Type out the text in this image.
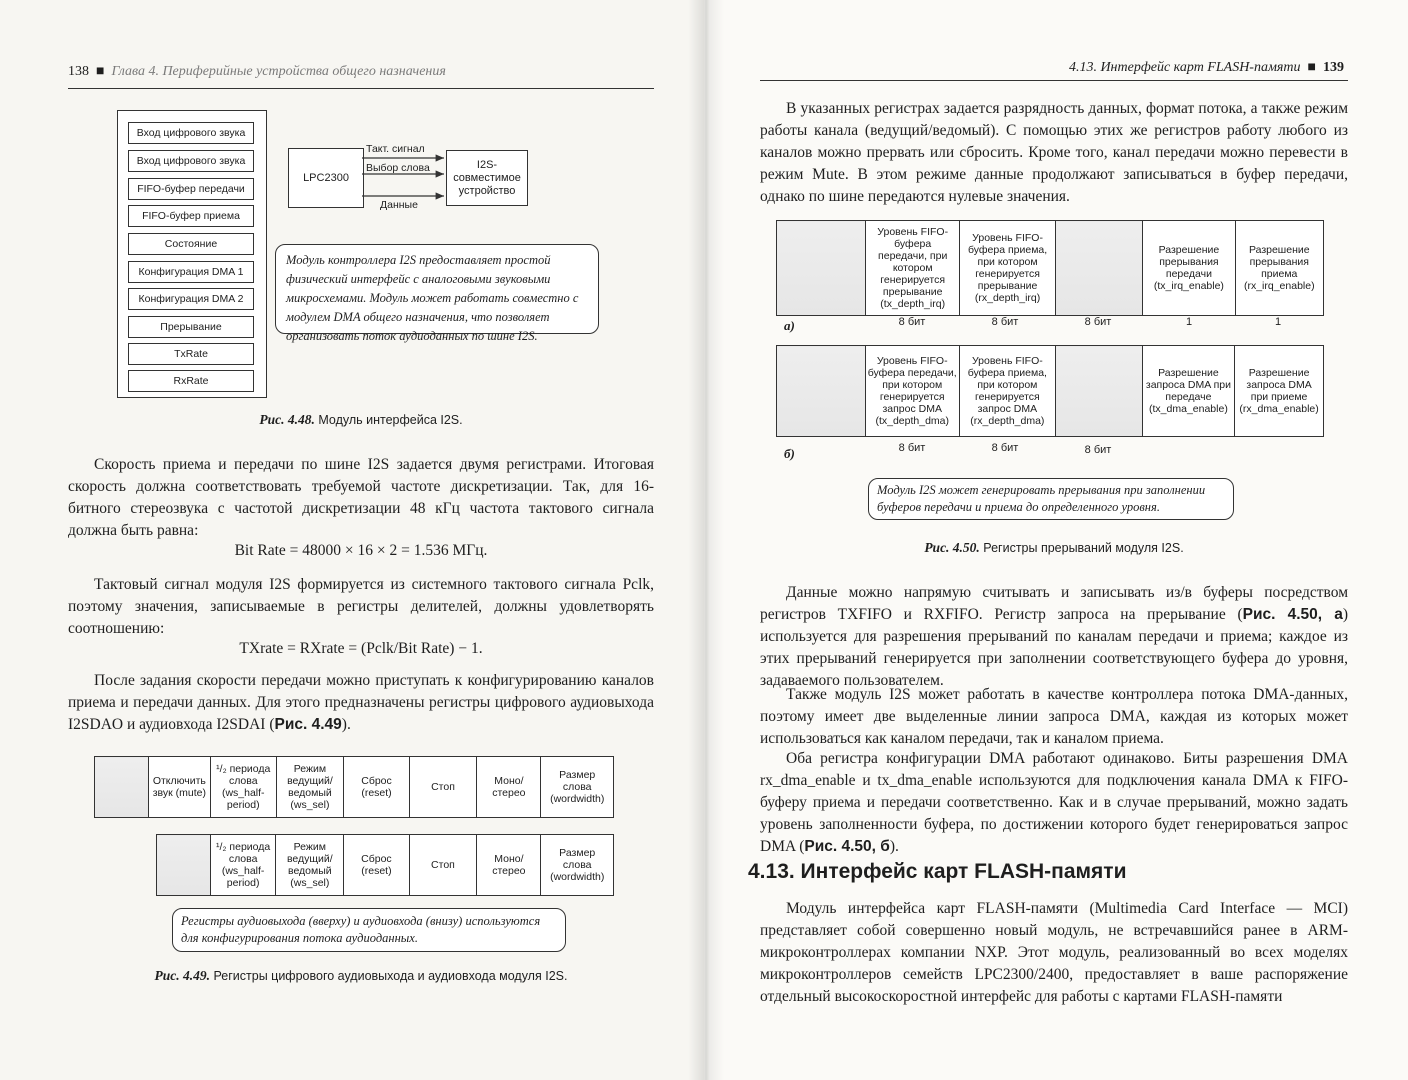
138  ■  Глава 4. Периферийные устройства общего назначения
Вход цифрового звука
Вход цифрового звука
FIFO-буфер передачи
FIFO-буфер приема
Состояние
Конфигурация DMA 1
Конфигурация DMA 2
Прерывание
TxRate
RxRate
LPC2300
I2S-совместимое устройство
Такт. сигнал
Выбор слова
Данные
Модуль контроллера I2S предоставляет простой физический интерфейс с аналоговыми звуковыми микросхемами. Модуль может работать совместно с модулем DMA общего назначения, что позволяет организовать поток аудиоданных по шине I2S.
Рис. 4.48. Модуль интерфейса I2S.

Скорость приема и передачи по шине I2S задается двумя регистрами. Итоговая скорость должна соответствовать требуемой частоте дискретизации. Так, для 16-битного стереозвука с частотой дискретизации 48 кГц частота тактового сигнала должна быть равна:

Bit Rate = 48000 × 16 × 2 = 1.536 МГц.

Тактовый сигнал модуля I2S формируется из системного тактового сигнала Pclk, поэтому значения, записываемые в регистры делителей, должны удовлетворять соотношению:

TXrate = RXrate = (Pclk/Bit Rate) − 1.

После задания скорости передачи можно приступать к конфигурированию каналов приема и передачи данных. Для этого предназначены регистры цифрового аудиовыхода I2SDAO и аудиовхода I2SDAI (Рис. 4.49).

	Отключить звук (mute)	¹/₂ периода слова (ws_half-period)	Режим ведущий/ ведомый (ws_sel)	Сброс (reset)	Стоп	Моно/ стерео	Размер слова (wordwidth)
	¹/₂ периода слова (ws_half-period)	Режим ведущий/ ведомый (ws_sel)	Сброс (reset)	Стоп	Моно/ стерео	Размер слова (wordwidth)
Регистры аудиовыхода (вверху) и аудиовхода (внизу) используются для конфигурирования потока аудиоданных.
Рис. 4.49. Регистры цифрового аудиовыхода и аудиовхода модуля I2S.
4.13. Интерфейс карт FLASH-памяти  ■  139

В указанных регистрах задается разрядность данных, формат потока, а также режим работы канала (ведущий/ведомый). С помощью этих же регистров работу любого из каналов можно прервать или сбросить. Кроме того, канал передачи можно перевести в режим Mute. В этом режиме данные продолжают записываться в буфер передачи, однако по шине передаются нулевые значения.

	Уровень FIFO-буфера передачи, при котором генерируется прерывание (tx_depth_irq)	Уровень FIFO-буфера приема, при котором генерируется прерывание (rx_depth_irq)		Разрешение прерывания передачи (tx_irq_enable)	Разрешение прерывания приема (rx_irq_enable)
а)	8 бит	8 бит	8 бит	1	1
	Уровень FIFO-буфера передачи, при котором генерируется запрос DMA (tx_depth_dma)	Уровень FIFO-буфера приема, при котором генерируется запрос DMA (rx_depth_dma)		Разрешение запроса DMA при передаче (tx_dma_enable)	Разрешение запроса DMA при приеме (rx_dma_enable)
б)	8 бит	8 бит	8 бит
Модуль I2S может генерировать прерывания при заполнении буферов передачи и приема до определенного уровня.
Рис. 4.50. Регистры прерываний модуля I2S.

Данные можно напрямую считывать и записывать из/в буферы посредством регистров TXFIFO и RXFIFO. Регистр запроса на прерывание (Рис. 4.50, а) используется для разрешения прерываний по каналам передачи и приема; каждое из этих прерываний генерируется при заполнении соответствующего буфера до уровня, задаваемого пользователем.

Также модуль I2S может работать в качестве контроллера потока DMA-данных, поэтому имеет две выделенные линии запроса DMA, каждая из которых может использоваться как каналом передачи, так и каналом приема.

Оба регистра конфигурации DMA работают одинаково. Биты разрешения DMA rx_dma_enable и tx_dma_enable используются для подключения канала DMA к FIFO-буферу приема и передачи соответственно. Как и в случае прерываний, можно задать уровень заполненности буфера, по достижении которого будет генерироваться запрос DMA (Рис. 4.50, б).

4.13. Интерфейс карт FLASH-памяти

Модуль интерфейса карт FLASH-памяти (Multimedia Card Interface — MCI) представляет собой совершенно новый модуль, не встречавшийся ранее в ARM-микроконтроллерах компании NXP. Этот модуль, реализованный во всех моделях микроконтроллеров семейств LPC2300/2400, предоставляет в ваше распоряжение отдельный высокоскоростной интерфейс для работы с картами FLASH-памяти
